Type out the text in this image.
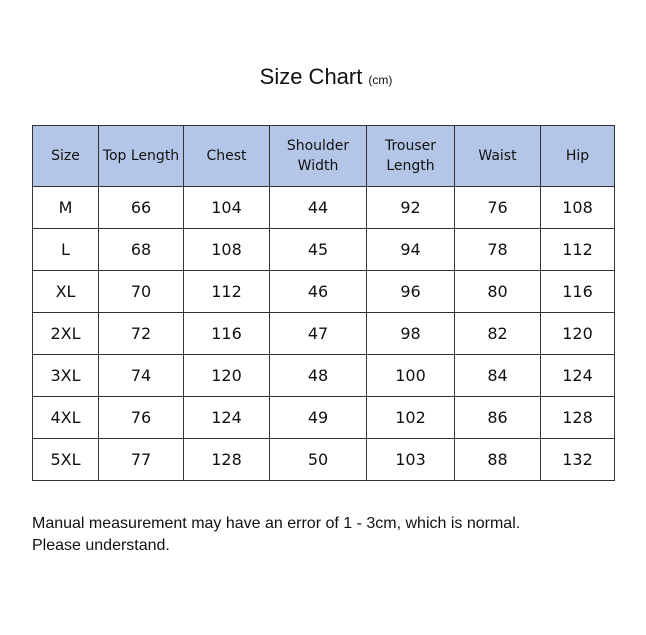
Size Chart (cm)
Size	Top Length	Chest	Shoulder Width	Trouser Length	Waist	Hip
M	66	104	44	92	76	108
L	68	108	45	94	78	112
XL	70	112	46	96	80	116
2XL	72	116	47	98	82	120
3XL	74	120	48	100	84	124
4XL	76	124	49	102	86	128
5XL	77	128	50	103	88	132
Manual measurement may have an error of 1 - 3cm, which is normal.
Please understand.
